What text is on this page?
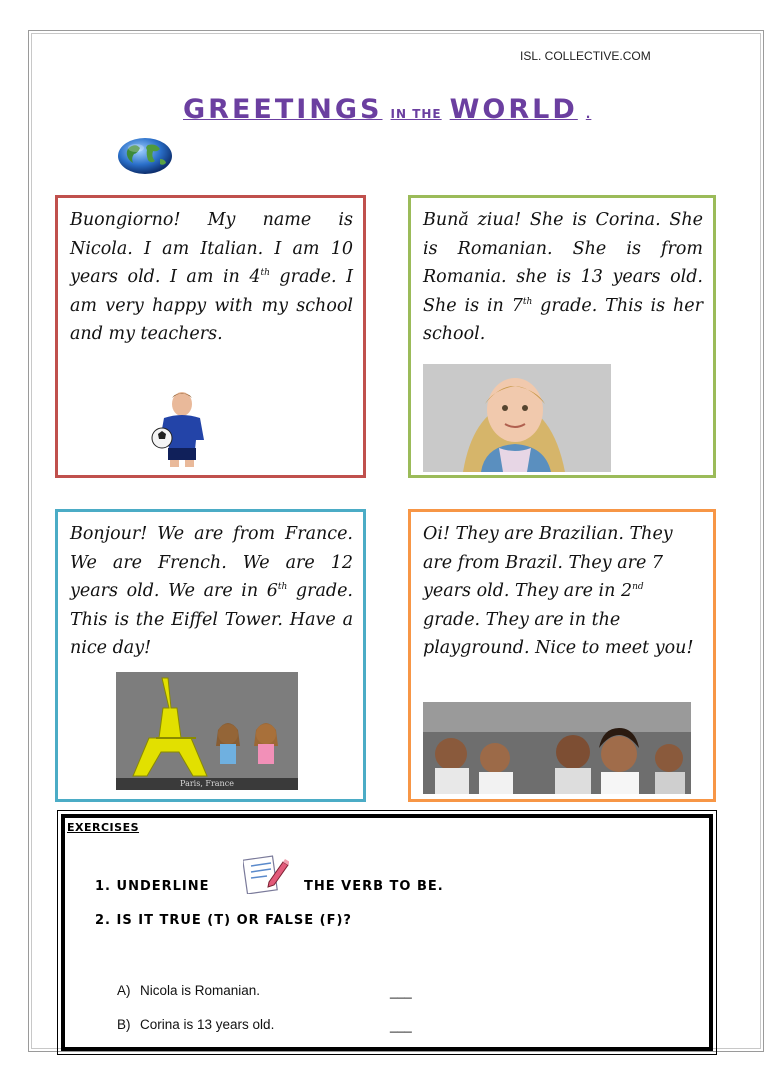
ISL. COLLECTIVE.COM
GREETINGS IN THE WORLD .
Buongiorno! My name is Nicola. I am Italian. I am 10 years old. I am in 4th grade. I am very happy with my school and my teachers.
Bună ziua! She is Corina. She is Romanian. She is from Romania. she is 13 years old. She is in 7th grade. This is her school.
Bonjour! We are from France. We are French. We are 12 years old. We are in 6th grade. This is the Eiffel Tower. Have a nice day!
Paris, France
Oi! They are Brazilian. They are from Brazil. They are 7 years old. They are in 2nd grade. They are in the playground. Nice to meet you!
EXERCISES
1. UNDERLINE	THE VERB TO BE.
2. IS IT TRUE (T) OR FALSE (F)?
A) Nicola is Romanian.	___
B) Corina is 13 years old.	___
